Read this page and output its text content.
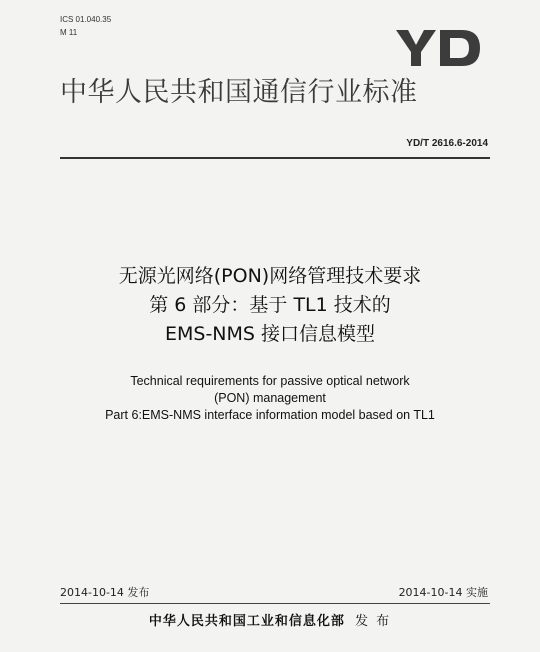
ICS 01.040.35
M 11
中华人民共和国通信行业标准
YD/T 2616.6-2014
无源光网络(PON)网络管理技术要求
第 6 部分：基于 TL1 技术的
EMS-NMS 接口信息模型
Technical requirements for passive optical network
(PON) management
Part 6:EMS-NMS interface information model based on TL1
2014-10-14 发布	2014-10-14 实施
中华人民共和国工业和信息化部 发 布
